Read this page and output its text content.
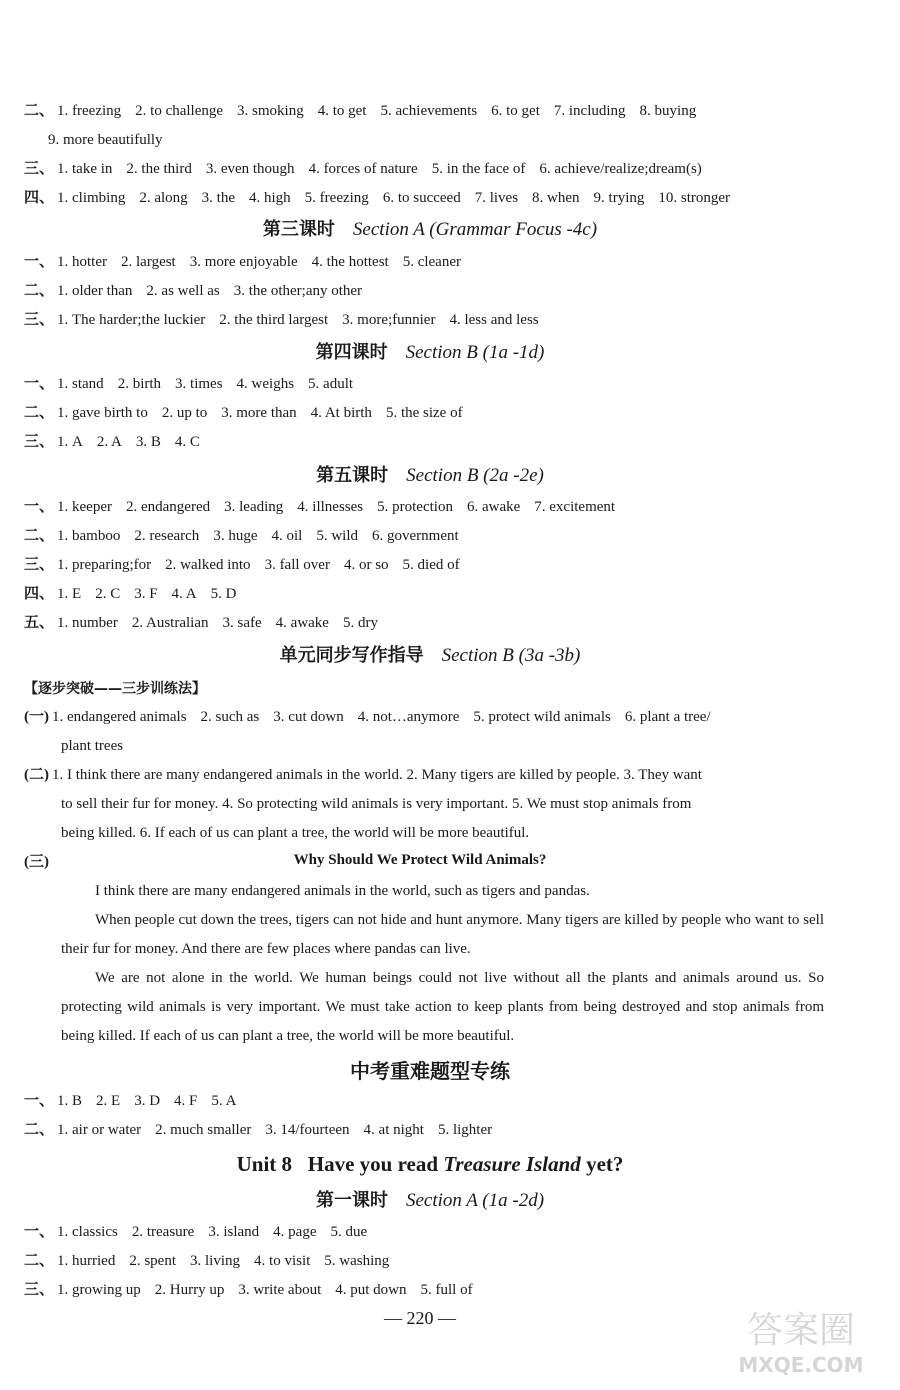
二、 1. freezing 2. to challenge 3. smoking 4. to get 5. achievements 6. to get 7. including 8. buying
9. more beautifully
三、 1. take in 2. the third 3. even though 4. forces of nature 5. in the face of 6. achieve/realize;dream(s)
四、 1. climbing 2. along 3. the 4. high 5. freezing 6. to succeed 7. lives 8. when 9. trying 10. stronger
第三课时 Section A (Grammar Focus -4c)
一、 1. hotter 2. largest 3. more enjoyable 4. the hottest 5. cleaner
二、 1. older than 2. as well as 3. the other;any other
三、 1. The harder;the luckier 2. the third largest 3. more;funnier 4. less and less
第四课时 Section B (1a -1d)
一、 1. stand 2. birth 3. times 4. weighs 5. adult
二、 1. gave birth to 2. up to 3. more than 4. At birth 5. the size of
三、 1. A 2. A 3. B 4. C
第五课时 Section B (2a -2e)
一、 1. keeper 2. endangered 3. leading 4. illnesses 5. protection 6. awake 7. excitement
二、 1. bamboo 2. research 3. huge 4. oil 5. wild 6. government
三、 1. preparing;for 2. walked into 3. fall over 4. or so 5. died of
四、 1. E 2. C 3. F 4. A 5. D
五、 1. number 2. Australian 3. safe 4. awake 5. dry
单元同步写作指导 Section B (3a -3b)
【逐步突破——三步训练法】
(一) 1. endangered animals 2. such as 3. cut down 4. not…anymore 5. protect wild animals 6. plant a tree/
plant trees
(二) 1. I think there are many endangered animals in the world. 2. Many tigers are killed by people. 3. They want
to sell their fur for money. 4. So protecting wild animals is very important. 5. We must stop animals from
being killed. 6. If each of us can plant a tree, the world will be more beautiful.
(三)	Why Should We Protect Wild Animals?
I think there are many endangered animals in the world, such as tigers and pandas.
When people cut down the trees, tigers can not hide and hunt anymore. Many tigers are killed by people who want to sell their fur for money. And there are few places where pandas can live.
We are not alone in the world. We human beings could not live without all the plants and animals around us. So protecting wild animals is very important. We must take action to keep plants from being destroyed and stop animals from being killed. If each of us can plant a tree, the world will be more beautiful.
中考重难题型专练
一、 1. B 2. E 3. D 4. F 5. A
二、 1. air or water 2. much smaller 3. 14/fourteen 4. at night 5. lighter
Unit 8 Have you read Treasure Island yet?
第一课时 Section A (1a -2d)
一、 1. classics 2. treasure 3. island 4. page 5. due
二、 1. hurried 2. spent 3. living 4. to visit 5. washing
三、 1. growing up 2. Hurry up 3. write about 4. put down 5. full of
— 220 —	答案圈
MXQE.COM
